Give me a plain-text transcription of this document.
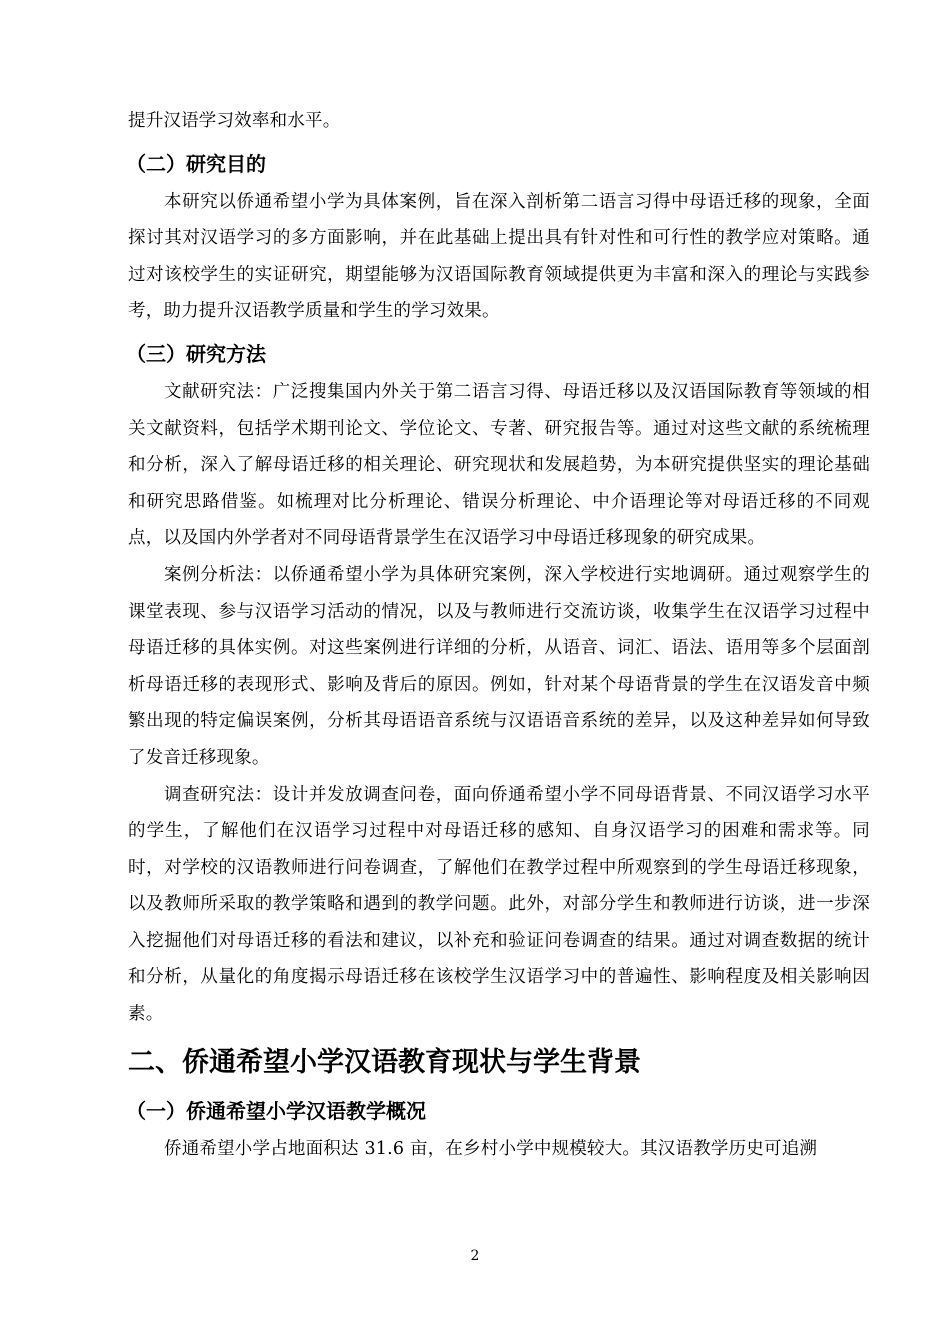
提升汉语学习效率和水平。

（二）研究目的

本研究以侨通希望小学为具体案例，旨在深入剖析第二语言习得中母语迁移的现象，全面探讨其对汉语学习的多方面影响，并在此基础上提出具有针对性和可行性的教学应对策略。通过对该校学生的实证研究，期望能够为汉语国际教育领域提供更为丰富和深入的理论与实践参考，助力提升汉语教学质量和学生的学习效果。

（三）研究方法

文献研究法：广泛搜集国内外关于第二语言习得、母语迁移以及汉语国际教育等领域的相关文献资料，包括学术期刊论文、学位论文、专著、研究报告等。通过对这些文献的系统梳理和分析，深入了解母语迁移的相关理论、研究现状和发展趋势，为本研究提供坚实的理论基础和研究思路借鉴。如梳理对比分析理论、错误分析理论、中介语理论等对母语迁移的不同观点，以及国内外学者对不同母语背景学生在汉语学习中母语迁移现象的研究成果。

案例分析法：以侨通希望小学为具体研究案例，深入学校进行实地调研。通过观察学生的课堂表现、参与汉语学习活动的情况，以及与教师进行交流访谈，收集学生在汉语学习过程中母语迁移的具体实例。对这些案例进行详细的分析，从语音、词汇、语法、语用等多个层面剖析母语迁移的表现形式、影响及背后的原因。例如，针对某个母语背景的学生在汉语发音中频繁出现的特定偏误案例，分析其母语语音系统与汉语语音系统的差异，以及这种差异如何导致了发音迁移现象。

调查研究法：设计并发放调查问卷，面向侨通希望小学不同母语背景、不同汉语学习水平的学生，了解他们在汉语学习过程中对母语迁移的感知、自身汉语学习的困难和需求等。同时，对学校的汉语教师进行问卷调查，了解他们在教学过程中所观察到的学生母语迁移现象，以及教师所采取的教学策略和遇到的教学问题。此外，对部分学生和教师进行访谈，进一步深入挖掘他们对母语迁移的看法和建议，以补充和验证问卷调查的结果。通过对调查数据的统计和分析，从量化的角度揭示母语迁移在该校学生汉语学习中的普遍性、影响程度及相关影响因素。

二、侨通希望小学汉语教育现状与学生背景
（一）侨通希望小学汉语教学概况

侨通希望小学占地面积达 31.6 亩，在乡村小学中规模较大。其汉语教学历史可追溯

2
